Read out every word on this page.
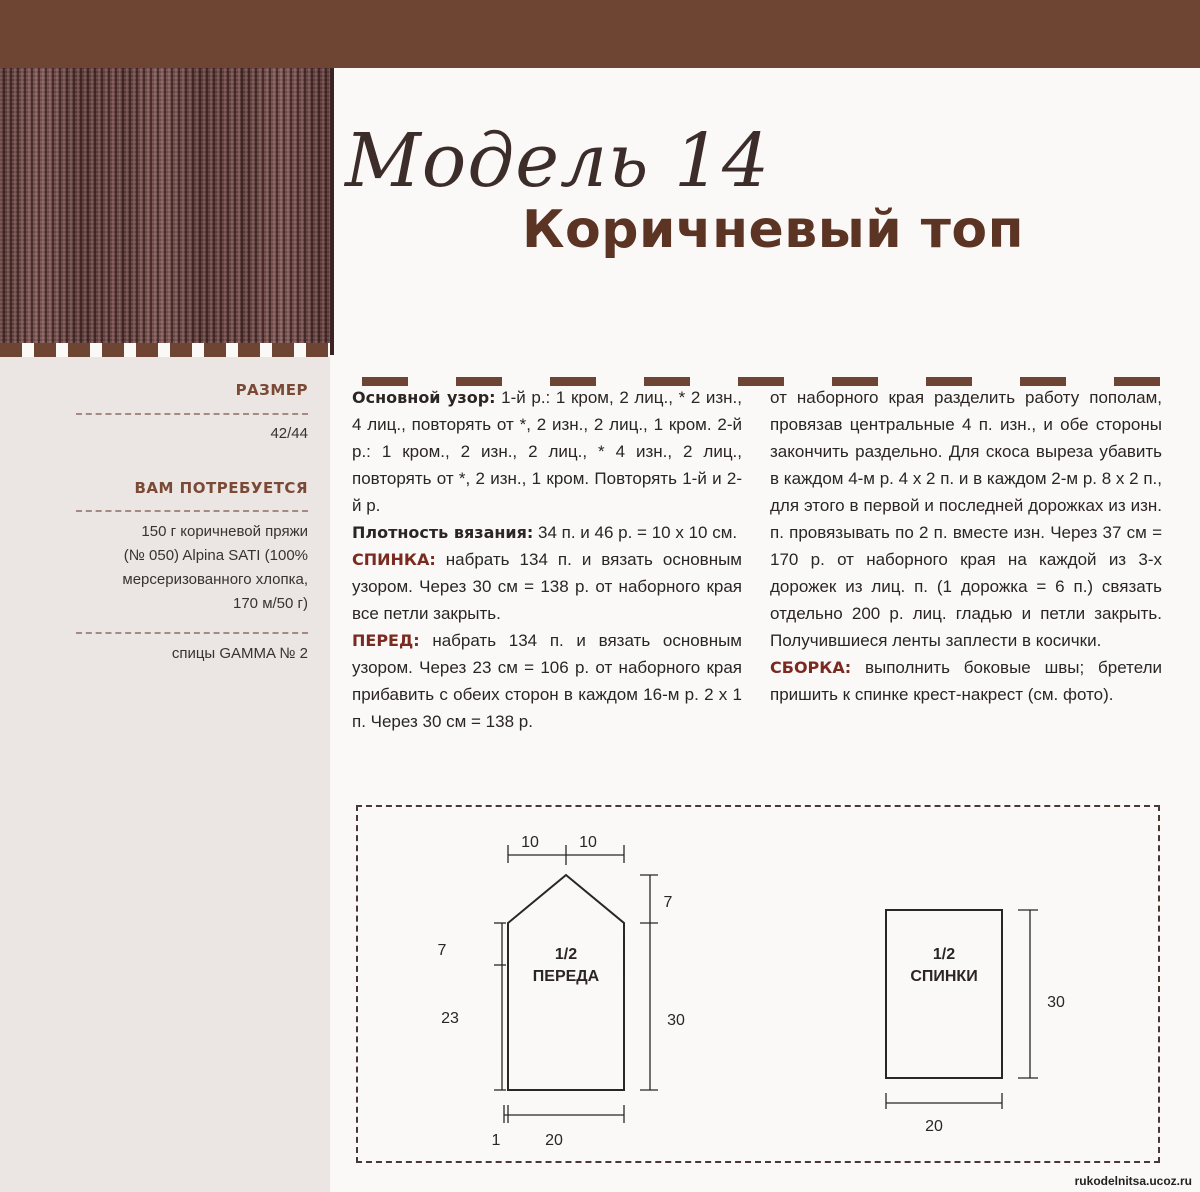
Модель 14
Коричневый топ
РАЗМЕР
42/44
ВАМ ПОТРЕБУЕТСЯ
150 г коричневой пряжи
(№ 050) Alpina SATI (100%
мерсеризованного хлопка,
170 м/50 г)
спицы GAMMA № 2

Основной узор: 1-й р.: 1 кром, 2 лиц., * 2 изн., 4 лиц., повторять от *, 2 изн., 2 лиц., 1 кром. 2-й р.: 1 кром., 2 изн., 2 лиц., * 4 изн., 2 лиц., повторять от *, 2 изн., 1 кром. Повторять 1-й и 2-й р.

Плотность вязания: 34 п. и 46 р. = 10 х 10 см.

СПИНКА: набрать 134 п. и вязать основным узором. Через 30 см = 138 р. от наборного края все петли закрыть.

ПЕРЕД: набрать 134 п. и вязать основным узором. Через 23 см = 106 р. от наборного края прибавить с обеих сторон в каждом 16-м р. 2 х 1 п. Через 30 см = 138 р.

от наборного края разделить работу пополам, провязав центральные 4 п. изн., и обе стороны закончить раздельно. Для скоса выреза убавить в каждом 4-м р. 4 х 2 п. и в каждом 2-м р. 8 х 2 п., для этого в первой и последней дорожках из изн. п. провязывать по 2 п. вместе изн. Через 37 см = 170 р. от наборного края на каждой из 3-х дорожек из лиц. п. (1 дорожка = 6 п.) связать отдельно 200 р. лиц. гладью и петли закрыть. Получившиеся ленты заплести в косички.

СБОРКА: выполнить боковые швы; бретели пришить к спинке крест-накрест (см. фото).

1/2
ПЕРЕДА
1/2
СПИНКИ
10	10
7
30
7
23
1	20
30
20
rukodelnitsa.ucoz.ru
